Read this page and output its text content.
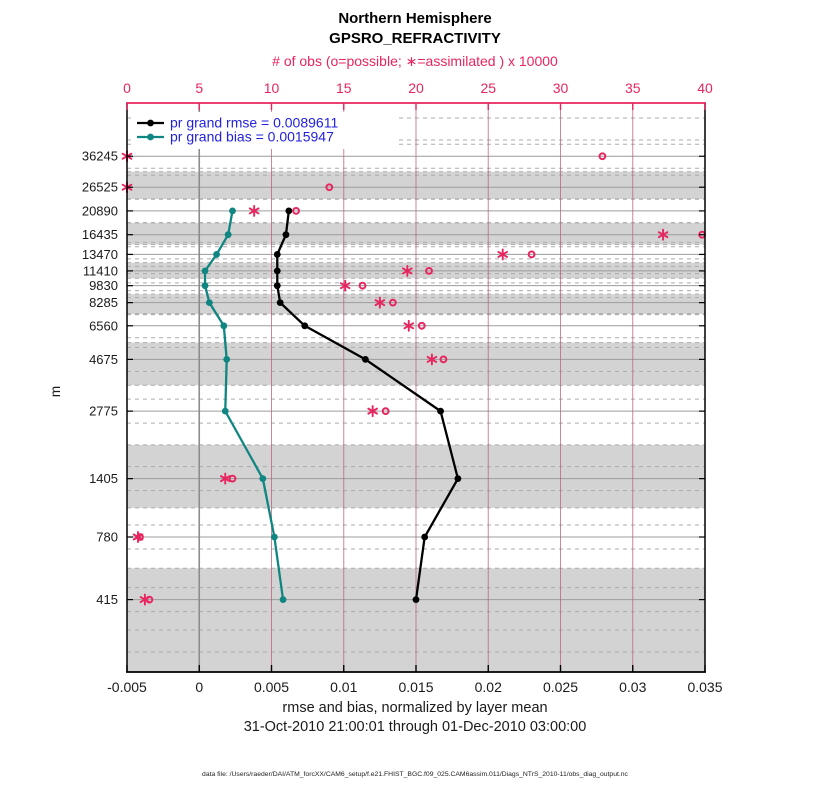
-0.005	0	0.005	0.01	0.015	0.02	0.025	0.03	0.035
0	5	10	15	20	25	30	35	40
36245
26525
20890
16435
13470
11410
9830
8285
6560
4675
2775
1405
780
415
m
pr grand rmse = 0.0089611
pr grand bias = 0.0015947
Northern Hemisphere
GPSRO_REFRACTIVITY
# of obs (o=possible; ∗=assimilated ) x 10000
rmse and bias, normalized by layer mean
31-Oct-2010 21:00:01 through 01-Dec-2010 03:00:00
data file: /Users/raeder/DAI/ATM_forcXX/CAM6_setup/f.e21.FHIST_BGC.f09_025.CAM6assim.011/Diags_NTrS_2010-11/obs_diag_output.nc
